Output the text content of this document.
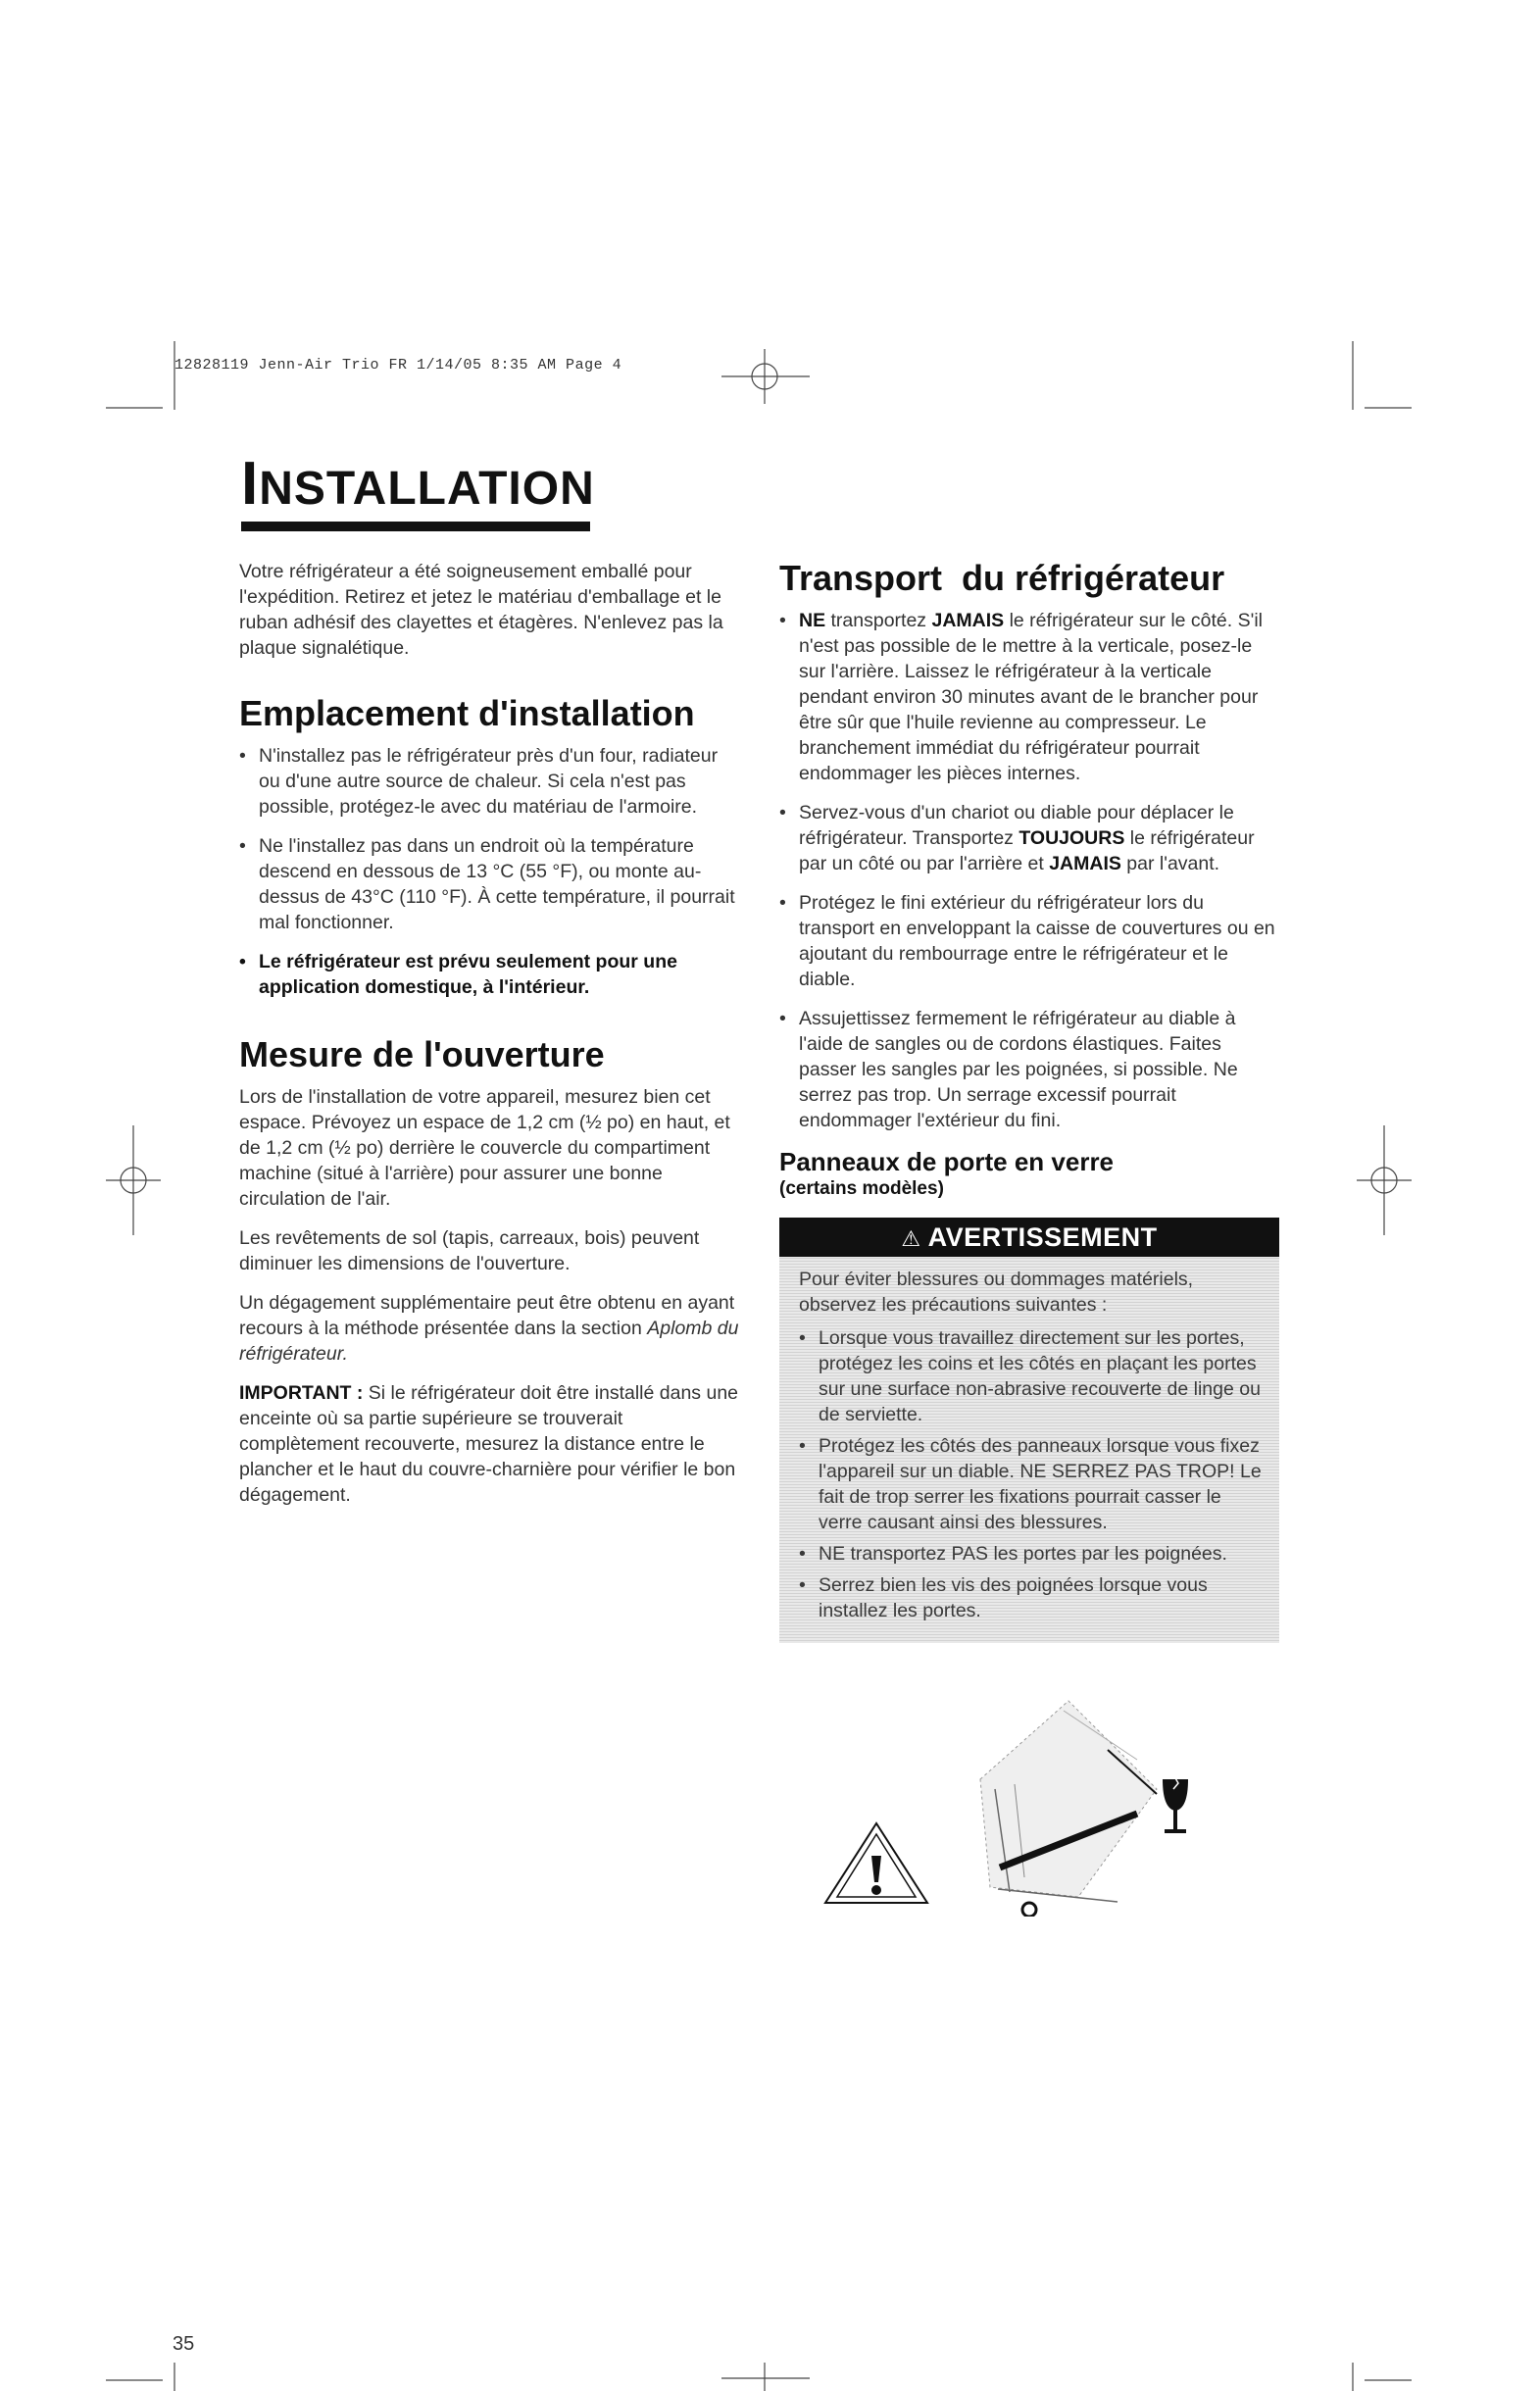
12828119 Jenn-Air Trio FR 1/14/05 8:35 AM Page 4
INSTALLATION

Votre réfrigérateur a été soigneusement emballé pour l'expédition. Retirez et jetez le matériau d'emballage et le ruban adhésif des clayettes et étagères. N'enlevez pas la plaque signalétique.

Emplacement d'installation
• N'installez pas le réfrigérateur près d'un four, radiateur ou d'une autre source de chaleur. Si cela n'est pas possible, protégez-le avec du matériau de l'armoire.
• Ne l'installez pas dans un endroit où la température descend en dessous de 13 °C (55 °F), ou monte au-dessus de 43°C (110 °F). À cette température, il pourrait mal fonctionner.
• Le réfrigérateur est prévu seulement pour une application domestique, à l'intérieur.
Mesure de l'ouverture

Lors de l'installation de votre appareil, mesurez bien cet espace. Prévoyez un espace de 1,2 cm (½ po) en haut, et de 1,2 cm (½ po) derrière le couvercle du compartiment machine (situé à l'arrière) pour assurer une bonne circulation de l'air.

Les revêtements de sol (tapis, carreaux, bois) peuvent diminuer les dimensions de l'ouverture.

Un dégagement supplémentaire peut être obtenu en ayant recours à la méthode présentée dans la section Aplomb du réfrigérateur.

IMPORTANT : Si le réfrigérateur doit être installé dans une enceinte où sa partie supérieure se trouverait complètement recouverte, mesurez la distance entre le plancher et le haut du couvre-charnière pour vérifier le bon dégagement.

Transport  du réfrigérateur
• NE transportez JAMAIS le réfrigérateur sur le côté. S'il n'est pas possible de le mettre à la verticale, posez-le sur l'arrière. Laissez le réfrigérateur à la verticale pendant environ 30 minutes avant de le brancher pour être sûr que l'huile revienne au compresseur. Le branchement immédiat du réfrigérateur pourrait endommager les pièces internes.
• Servez-vous d'un chariot ou diable pour déplacer le réfrigérateur. Transportez TOUJOURS le réfrigérateur par un côté ou par l'arrière et JAMAIS par l'avant.
• Protégez le fini extérieur du réfrigérateur lors du transport en enveloppant la caisse de couvertures ou en ajoutant du rembourrage entre le réfrigérateur et le diable.
• Assujettissez fermement le réfrigérateur au diable à l'aide de sangles ou de cordons élastiques. Faites passer les sangles par les poignées, si possible. Ne serrez pas trop. Un serrage excessif pourrait endommager l'extérieur du fini.
Panneaux de porte en verre

(certains modèles)

⚠ AVERTISSEMENT

Pour éviter blessures ou dommages matériels, observez les précautions suivantes :

• Lorsque vous travaillez directement sur les portes, protégez les coins et les côtés en plaçant les portes sur une surface non-abrasive recouverte de linge ou de serviette.
• Protégez les côtés des panneaux lorsque vous fixez l'appareil sur un diable. NE SERREZ PAS TROP! Le fait de trop serrer les fixations pourrait casser le verre causant ainsi des blessures.
• NE transportez PAS les portes par les poignées.
• Serrez bien les vis des poignées lorsque vous installez les portes.
35
